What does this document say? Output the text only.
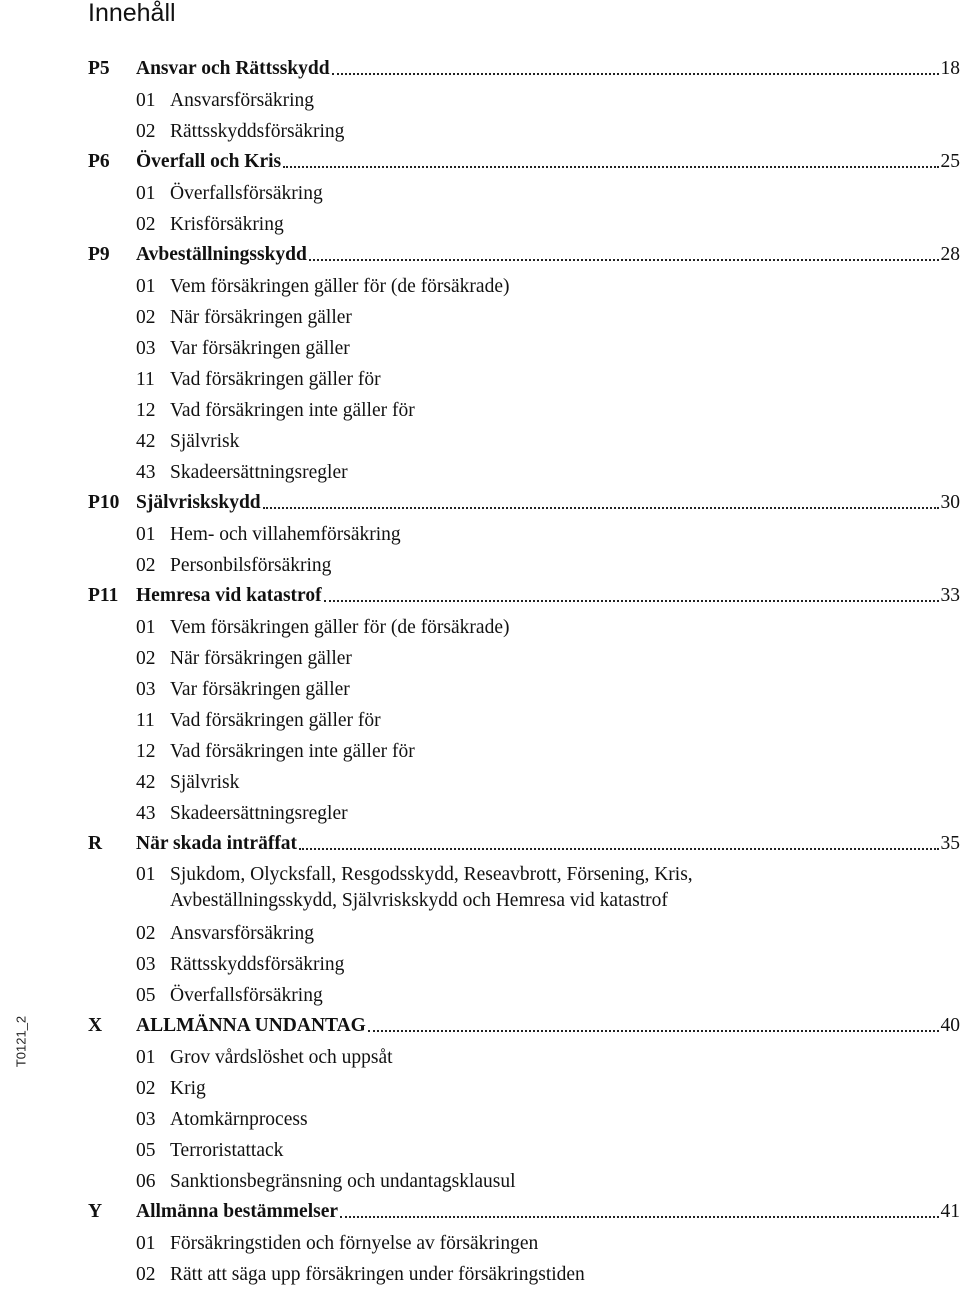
Innehåll
T0121_2
P5 Ansvar och Rättsskydd	18
01 Ansvarsförsäkring
02 Rättsskyddsförsäkring
P6 Överfall och Kris	25
01 Överfallsförsäkring
02 Krisförsäkring
P9 Avbeställningsskydd	28
01 Vem försäkringen gäller för (de försäkrade)
02 När försäkringen gäller
03 Var försäkringen gäller
11 Vad försäkringen gäller för
12 Vad försäkringen inte gäller för
42 Självrisk
43 Skadeersättningsregler
P10 Självriskskydd	30
01 Hem- och villahemförsäkring
02 Personbilsförsäkring
P11 Hemresa vid katastrof	33
01 Vem försäkringen gäller för (de försäkrade)
02 När försäkringen gäller
03 Var försäkringen gäller
11 Vad försäkringen gäller för
12 Vad försäkringen inte gäller för
42 Självrisk
43 Skadeersättningsregler
R När skada inträffat	35
01 Sjukdom, Olycksfall, Resgodsskydd, Reseavbrott, Försening, Kris,
Avbeställningsskydd, Självriskskydd och Hemresa vid katastrof
02 Ansvarsförsäkring
03 Rättsskyddsförsäkring
05 Överfallsförsäkring
X ALLMÄNNA UNDANTAG	40
01 Grov vårdslöshet och uppsåt
02 Krig
03 Atomkärnprocess
05 Terroristattack
06 Sanktionsbegränsning och undantagsklausul
Y Allmänna bestämmelser	41
01 Försäkringstiden och förnyelse av försäkringen
02 Rätt att säga upp försäkringen under försäkringstiden
